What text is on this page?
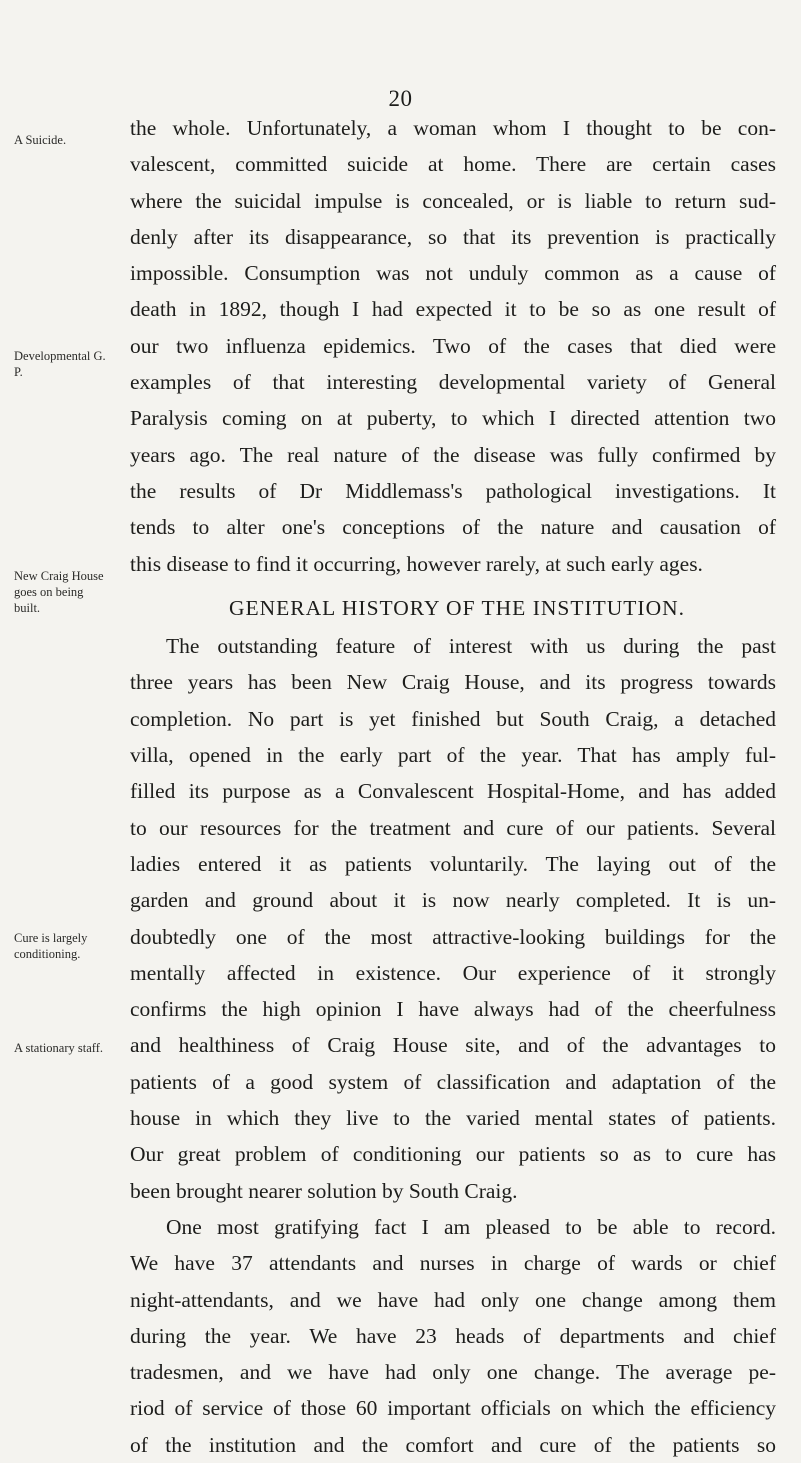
20
A Suicide.
Developmental G. P.
New Craig House goes on being built.
Cure is largely conditioning.
A stationary staff.
the whole. Unfortunately, a woman whom I thought to be con-
valescent, committed suicide at home. There are certain cases
where the suicidal impulse is concealed, or is liable to return sud-
denly after its disappearance, so that its prevention is practically
impossible. Consumption was not unduly common as a cause of
death in 1892, though I had expected it to be so as one result of
our two influenza epidemics. Two of the cases that died were
examples of that interesting developmental variety of General
Paralysis coming on at puberty, to which I directed attention two
years ago. The real nature of the disease was fully confirmed by
the results of Dr Middlemass's pathological investigations. It
tends to alter one's conceptions of the nature and causation of
this disease to find it occurring, however rarely, at such early ages.
GENERAL HISTORY OF THE INSTITUTION.
The outstanding feature of interest with us during the past
three years has been New Craig House, and its progress towards
completion. No part is yet finished but South Craig, a detached
villa, opened in the early part of the year. That has amply ful-
filled its purpose as a Convalescent Hospital-Home, and has added
to our resources for the treatment and cure of our patients. Several
ladies entered it as patients voluntarily. The laying out of the
garden and ground about it is now nearly completed. It is un-
doubtedly one of the most attractive-looking buildings for the
mentally affected in existence. Our experience of it strongly
confirms the high opinion I have always had of the cheerfulness
and healthiness of Craig House site, and of the advantages to
patients of a good system of classification and adaptation of the
house in which they live to the varied mental states of patients.
Our great problem of conditioning our patients so as to cure has
been brought nearer solution by South Craig.
One most gratifying fact I am pleased to be able to record.
We have 37 attendants and nurses in charge of wards or chief
night-attendants, and we have had only one change among them
during the year. We have 23 heads of departments and chief
tradesmen, and we have had only one change. The average pe-
riod of service of those 60 important officials on which the efficiency
of the institution and the comfort and cure of the patients so
